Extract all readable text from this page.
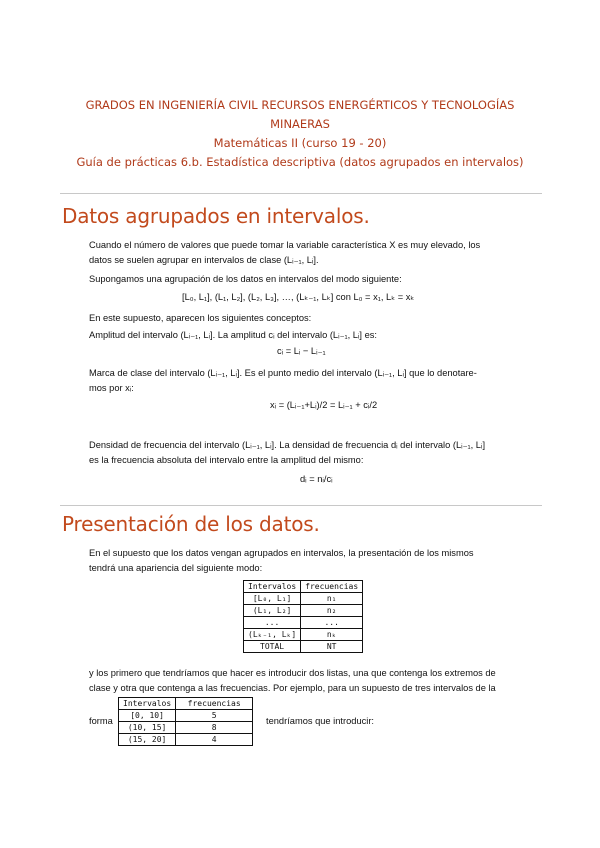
GRADOS EN INGENIERÍA CIVIL RECURSOS ENERGÉRTICOS Y TECNOLOGÍAS
MINAERAS
Matemáticas II (curso 19 - 20)
Guía de prácticas 6.b. Estadística descriptiva (datos agrupados en intervalos)
Datos agrupados en intervalos.
Cuando el número de valores que puede tomar la variable característica X es muy elevado, los
datos se suelen agrupar en intervalos de clase (Lᵢ₋₁, Lᵢ].
Supongamos una agrupación de los datos en intervalos del modo siguiente:
[L₀, L₁], (L₁, L₂], (L₂, L₃], …, (Lₖ₋₁, Lₖ] con L₀ = x₁, Lₖ = xₖ
En este supuesto, aparecen los siguientes conceptos:
Amplitud del intervalo (Lᵢ₋₁, Lᵢ]. La amplitud cᵢ del intervalo (Lᵢ₋₁, Lᵢ] es:
cᵢ = Lᵢ − Lᵢ₋₁
Marca de clase del intervalo (Lᵢ₋₁, Lᵢ]. Es el punto medio del intervalo (Lᵢ₋₁, Lᵢ] que lo denotare-
mos por xᵢ:
xᵢ = (Lᵢ₋₁+Lᵢ)/2 = Lᵢ₋₁ + cᵢ/2
Densidad de frecuencia del intervalo (Lᵢ₋₁, Lᵢ]. La densidad de frecuencia dᵢ del intervalo (Lᵢ₋₁, Lᵢ]
es la frecuencia absoluta del intervalo entre la amplitud del mismo:
dᵢ = nᵢ/cᵢ
Presentación de los datos.
En el supuesto que los datos vengan agrupados en intervalos, la presentación de los mismos
tendrá una apariencia del siguiente modo:
Intervalos	frecuencias
[L₀, L₁]	n₁
(L₁, L₂]	n₂
...	...
(Lₖ₋₁, Lₖ]	nₖ
TOTAL	NT
y los primero que tendríamos que hacer es introducir dos listas, una que contenga los extremos de
clase y otra que contenga a las frecuencias. Por ejemplo, para un supuesto de tres intervalos de la
forma
Intervalos	frecuencias
[0, 10]	5
(10, 15]	8
(15, 20]	4
tendríamos que introducir:
